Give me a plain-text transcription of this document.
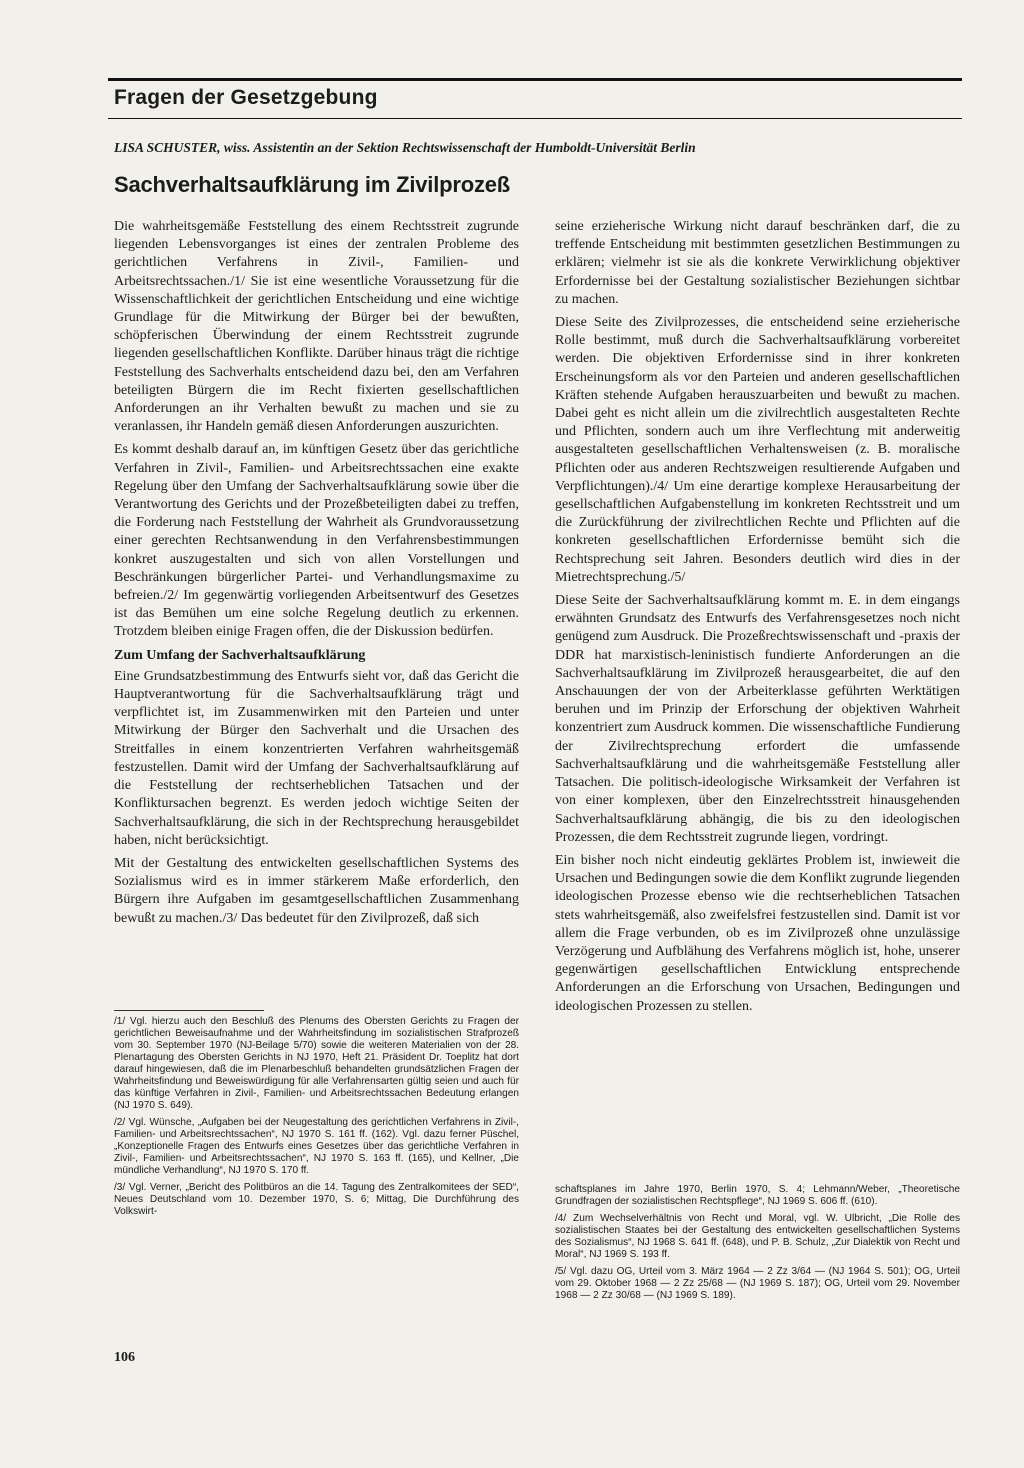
Fragen der Gesetzgebung
LISA SCHUSTER, wiss. Assistentin an der Sektion Rechtswissenschaft der Humboldt-Universität Berlin
Sachverhaltsaufklärung im Zivilprozeß

Die wahrheitsgemäße Feststellung des einem Rechtsstreit zugrunde liegenden Lebensvorganges ist eines der zentralen Probleme des gerichtlichen Verfahrens in Zivil-, Familien- und Arbeitsrechtssachen./1/ Sie ist eine wesentliche Voraussetzung für die Wissenschaftlichkeit der gerichtlichen Entscheidung und eine wichtige Grundlage für die Mitwirkung der Bürger bei der bewußten, schöpferischen Überwindung der einem Rechtsstreit zugrunde liegenden gesellschaftlichen Konflikte. Darüber hinaus trägt die richtige Feststellung des Sachverhalts entscheidend dazu bei, den am Verfahren beteiligten Bürgern die im Recht fixierten gesellschaftlichen Anforderungen an ihr Verhalten bewußt zu machen und sie zu veranlassen, ihr Handeln gemäß diesen Anforderungen auszurichten.

Es kommt deshalb darauf an, im künftigen Gesetz über das gerichtliche Verfahren in Zivil-, Familien- und Arbeitsrechtssachen eine exakte Regelung über den Umfang der Sachverhaltsaufklärung sowie über die Verantwortung des Gerichts und der Prozeßbeteiligten dabei zu treffen, die Forderung nach Feststellung der Wahrheit als Grundvoraussetzung einer gerechten Rechtsanwendung in den Verfahrensbestimmungen konkret auszugestalten und sich von allen Vorstellungen und Beschränkungen bürgerlicher Partei- und Verhandlungsmaxime zu befreien./2/ Im gegenwärtig vorliegenden Arbeitsentwurf des Gesetzes ist das Bemühen um eine solche Regelung deutlich zu erkennen. Trotzdem bleiben einige Fragen offen, die der Diskussion bedürfen.

Zum Umfang der Sachverhaltsaufklärung

Eine Grundsatzbestimmung des Entwurfs sieht vor, daß das Gericht die Hauptverantwortung für die Sachverhaltsaufklärung trägt und verpflichtet ist, im Zusammenwirken mit den Parteien und unter Mitwirkung der Bürger den Sachverhalt und die Ursachen des Streitfalles in einem konzentrierten Verfahren wahrheitsgemäß festzustellen. Damit wird der Umfang der Sachverhaltsaufklärung auf die Feststellung der rechtserheblichen Tatsachen und der Konfliktursachen begrenzt. Es werden jedoch wichtige Seiten der Sachverhaltsaufklärung, die sich in der Rechtsprechung herausgebildet haben, nicht berücksichtigt.

Mit der Gestaltung des entwickelten gesellschaftlichen Systems des Sozialismus wird es in immer stärkerem Maße erforderlich, den Bürgern ihre Aufgaben im gesamtgesellschaftlichen Zusammenhang bewußt zu machen./3/ Das bedeutet für den Zivilprozeß, daß sich

seine erzieherische Wirkung nicht darauf beschränken darf, die zu treffende Entscheidung mit bestimmten gesetzlichen Bestimmungen zu erklären; vielmehr ist sie als die konkrete Verwirklichung objektiver Erfordernisse bei der Gestaltung sozialistischer Beziehungen sichtbar zu machen.

Diese Seite des Zivilprozesses, die entscheidend seine erzieherische Rolle bestimmt, muß durch die Sachverhaltsaufklärung vorbereitet werden. Die objektiven Erfordernisse sind in ihrer konkreten Erscheinungsform als vor den Parteien und anderen gesellschaftlichen Kräften stehende Aufgaben herauszuarbeiten und bewußt zu machen. Dabei geht es nicht allein um die zivilrechtlich ausgestalteten Rechte und Pflichten, sondern auch um ihre Verflechtung mit anderweitig ausgestalteten gesellschaftlichen Verhaltensweisen (z. B. moralische Pflichten oder aus anderen Rechtszweigen resultierende Aufgaben und Verpflichtungen)./4/ Um eine derartige komplexe Herausarbeitung der gesellschaftlichen Aufgabenstellung im konkreten Rechtsstreit und um die Zurückführung der zivilrechtlichen Rechte und Pflichten auf die konkreten gesellschaftlichen Erfordernisse bemüht sich die Rechtsprechung seit Jahren. Besonders deutlich wird dies in der Mietrechtsprechung./5/

Diese Seite der Sachverhaltsaufklärung kommt m. E. in dem eingangs erwähnten Grundsatz des Entwurfs des Verfahrensgesetzes noch nicht genügend zum Ausdruck. Die Prozeßrechtswissenschaft und -praxis der DDR hat marxistisch-leninistisch fundierte Anforderungen an die Sachverhaltsaufklärung im Zivilprozeß herausgearbeitet, die auf den Anschauungen der von der Arbeiterklasse geführten Werktätigen beruhen und im Prinzip der Erforschung der objektiven Wahrheit konzentriert zum Ausdruck kommen. Die wissenschaftliche Fundierung der Zivilrechtsprechung erfordert die umfassende Sachverhaltsaufklärung und die wahrheitsgemäße Feststellung aller Tatsachen. Die politisch-ideologische Wirksamkeit der Verfahren ist von einer komplexen, über den Einzelrechtsstreit hinausgehenden Sachverhaltsaufklärung abhängig, die bis zu den ideologischen Prozessen, die dem Rechtsstreit zugrunde liegen, vordringt.

Ein bisher noch nicht eindeutig geklärtes Problem ist, inwieweit die Ursachen und Bedingungen sowie die dem Konflikt zugrunde liegenden ideologischen Prozesse ebenso wie die rechtserheblichen Tatsachen stets wahrheitsgemäß, also zweifelsfrei festzustellen sind. Damit ist vor allem die Frage verbunden, ob es im Zivilprozeß ohne unzulässige Verzögerung und Aufblähung des Verfahrens möglich ist, hohe, unserer gegenwärtigen gesellschaftlichen Entwicklung entsprechende Anforderungen an die Erforschung von Ursachen, Bedingungen und ideologischen Prozessen zu stellen.

/1/ Vgl. hierzu auch den Beschluß des Plenums des Obersten Gerichts zu Fragen der gerichtlichen Beweisaufnahme und der Wahrheitsfindung im sozialistischen Strafprozeß vom 30. September 1970 (NJ-Beilage 5/70) sowie die weiteren Materialien von der 28. Plenartagung des Obersten Gerichts in NJ 1970, Heft 21. Präsident Dr. Toeplitz hat dort darauf hingewiesen, daß die im Plenarbeschluß behandelten grundsätzlichen Fragen der Wahrheitsfindung und Beweiswürdigung für alle Verfahrensarten gültig seien und auch für das künftige Verfahren in Zivil-, Familien- und Arbeitsrechtssachen Bedeutung erlangen (NJ 1970 S. 649).

/2/ Vgl. Wünsche, „Aufgaben bei der Neugestaltung des gerichtlichen Verfahrens in Zivil-, Familien- und Arbeitsrechtssachen“, NJ 1970 S. 161 ff. (162). Vgl. dazu ferner Püschel, „Konzeptionelle Fragen des Entwurfs eines Gesetzes über das gerichtliche Verfahren in Zivil-, Familien- und Arbeitsrechtssachen“, NJ 1970 S. 163 ff. (165), und Kellner, „Die mündliche Verhandlung“, NJ 1970 S. 170 ff.

/3/ Vgl. Verner, „Bericht des Politbüros an die 14. Tagung des Zentralkomitees der SED“, Neues Deutschland vom 10. Dezember 1970, S. 6; Mittag, Die Durchführung des Volkswirt-

schaftsplanes im Jahre 1970, Berlin 1970, S. 4; Lehmann/Weber, „Theoretische Grundfragen der sozialistischen Rechtspflege“, NJ 1969 S. 606 ff. (610).

/4/ Zum Wechselverhältnis von Recht und Moral, vgl. W. Ulbricht, „Die Rolle des sozialistischen Staates bei der Gestaltung des entwickelten gesellschaftlichen Systems des Sozialismus“, NJ 1968 S. 641 ff. (648), und P. B. Schulz, „Zur Dialektik von Recht und Moral“, NJ 1969 S. 193 ff.

/5/ Vgl. dazu OG, Urteil vom 3. März 1964 — 2 Zz 3/64 — (NJ 1964 S. 501); OG, Urteil vom 29. Oktober 1968 — 2 Zz 25/68 — (NJ 1969 S. 187); OG, Urteil vom 29. November 1968 — 2 Zz 30/68 — (NJ 1969 S. 189).

106
